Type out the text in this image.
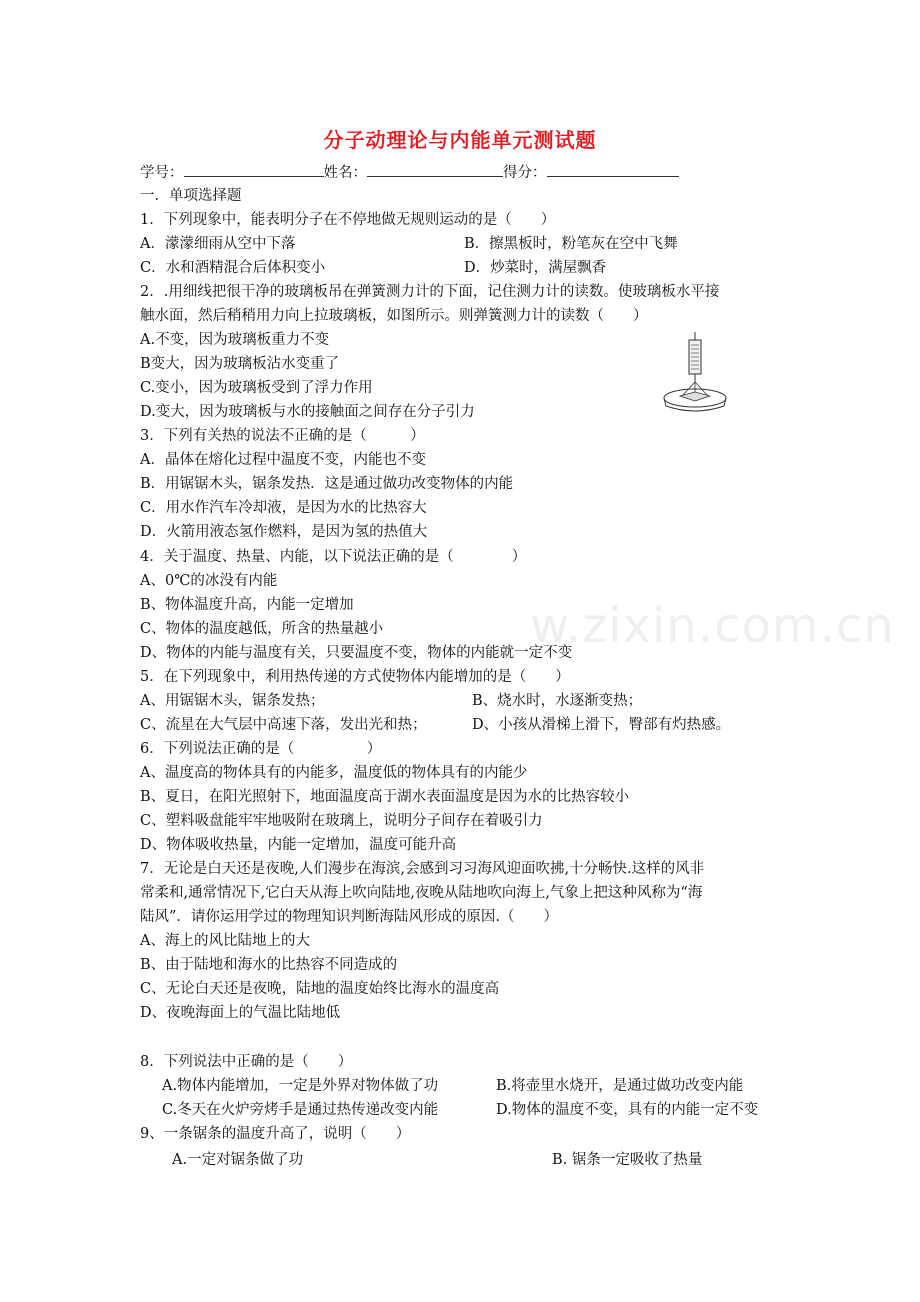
分子动理论与内能单元测试题
学号：	姓名：	得分：
一．单项选择题
1．下列现象中，能表明分子在不停地做无规则运动的是（　　）
A．濛濛细雨从空中下落	B．擦黑板时，粉笔灰在空中飞舞
C．水和酒精混合后体积变小	D．炒菜时，满屋飘香
2．.用细线把很干净的玻璃板吊在弹簧测力计的下面，记住测力计的读数。使玻璃板水平接
触水面，然后稍稍用力向上拉玻璃板，如图所示。则弹簧测力计的读数（　　）
A.不变，因为玻璃板重力不变
B变大，因为玻璃板沾水变重了
C.变小，因为玻璃板受到了浮力作用
D.变大，因为玻璃板与水的接触面之间存在分子引力
3．下列有关热的说法不正确的是（　　　）
A．晶体在熔化过程中温度不变，内能也不变
B．用锯锯木头，锯条发热．这是通过做功改变物体的内能
C．用水作汽车冷却液，是因为水的比热容大
D．火箭用液态氢作燃料，是因为氢的热值大
4．关于温度、热量、内能，以下说法正确的是（　　　　）
A、0℃的冰没有内能
B、物体温度升高，内能一定增加
C、物体的温度越低，所含的热量越小
D、物体的内能与温度有关，只要温度不变，物体的内能就一定不变
w.zixin.com.cn
5．在下列现象中，利用热传递的方式使物体内能增加的是（　　）
A、用锯锯木头，锯条发热；	B、烧水时，水逐渐变热；
C、流星在大气层中高速下落，发出光和热；	D、小孩从滑梯上滑下，臀部有灼热感。
6．下列说法正确的是（　　　　　）
A、温度高的物体具有的内能多，温度低的物体具有的内能少
B、夏日，在阳光照射下，地面温度高于湖水表面温度是因为水的比热容较小
C、塑料吸盘能牢牢地吸附在玻璃上，说明分子间存在着吸引力
D、物体吸收热量，内能一定增加，温度可能升高
7．无论是白天还是夜晚,人们漫步在海滨,会感到习习海风迎面吹拂,十分畅快.这样的风非
常柔和,通常情况下,它白天从海上吹向陆地,夜晚从陆地吹向海上,气象上把这种风称为“海
陆风”．请你运用学过的物理知识判断海陆风形成的原因.（　　）
A、海上的风比陆地上的大
B、由于陆地和海水的比热容不同造成的
C、无论白天还是夜晚，陆地的温度始终比海水的温度高
D、夜晚海面上的气温比陆地低
8．下列说法中正确的是（　　）
A.物体内能增加，一定是外界对物体做了功	B.将壶里水烧开，是通过做功改变内能
C.冬天在火炉旁烤手是通过热传递改变内能	D.物体的温度不变，具有的内能一定不变
9、一条锯条的温度升高了，说明（　　）
A.一定对锯条做了功	B. 锯条一定吸收了热量
